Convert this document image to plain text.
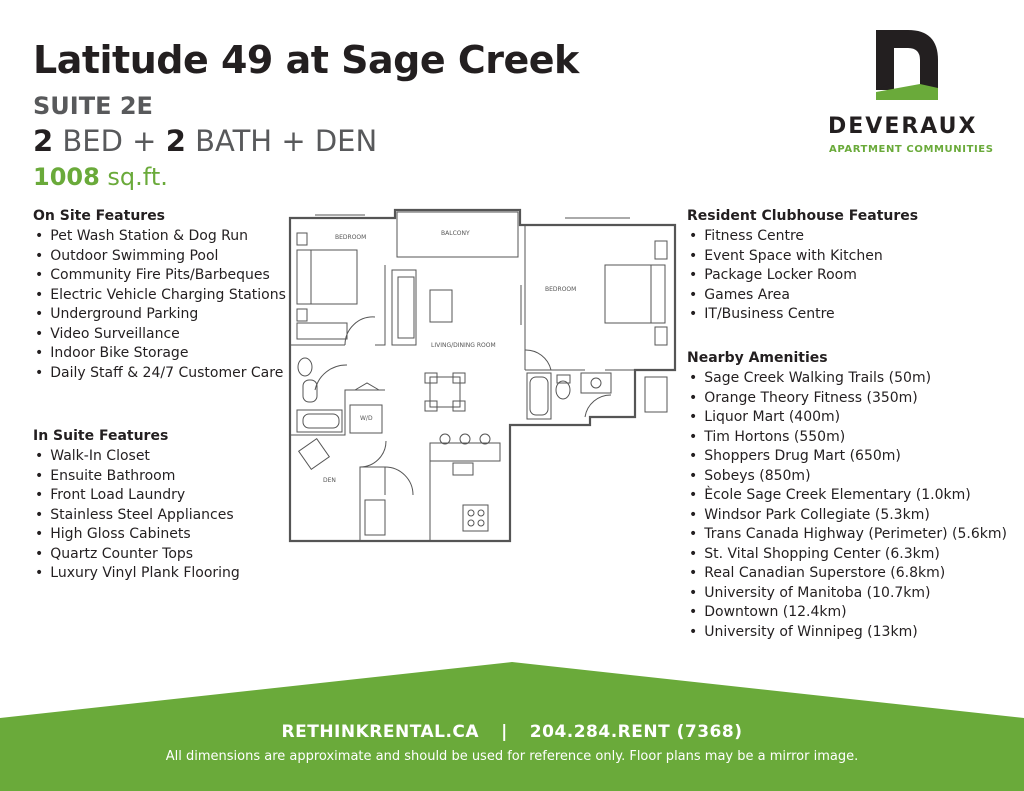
Latitude 49 at Sage Creek
SUITE 2E
2 BED + 2 BATH + DEN
1008 sq.ft.
DEVERAUX
APARTMENT COMMUNITIES
On Site Features
• Pet Wash Station & Dog Run
• Outdoor Swimming Pool
• Community Fire Pits/Barbeques
• Electric Vehicle Charging Stations
• Underground Parking
• Video Surveillance
• Indoor Bike Storage
• Daily Staff & 24/7 Customer Care
In Suite Features
• Walk-In Closet
• Ensuite Bathroom
• Front Load Laundry
• Stainless Steel Appliances
• High Gloss Cabinets
• Quartz Counter Tops
• Luxury Vinyl Plank Flooring
Resident Clubhouse Features
• Fitness Centre
• Event Space with Kitchen
• Package Locker Room
• Games Area
• IT/Business Centre
Nearby Amenities
• Sage Creek Walking Trails (50m)
• Orange Theory Fitness (350m)
• Liquor Mart (400m)
• Tim Hortons (550m)
• Shoppers Drug Mart (650m)
• Sobeys (850m)
• Ècole Sage Creek Elementary (1.0km)
• Windsor Park Collegiate (5.3km)
• Trans Canada Highway (Perimeter) (5.6km)
• St. Vital Shopping Center (6.3km)
• Real Canadian Superstore (6.8km)
• University of Manitoba (10.7km)
• Downtown (12.4km)
• University of Winnipeg (13km)
BEDROOM
BALCONY
BEDROOM
LIVING/DINING ROOM
W/D
DEN
RETHINKRENTAL.CA | 204.284.RENT (7368)
All dimensions are approximate and should be used for reference only. Floor plans may be a mirror image.
